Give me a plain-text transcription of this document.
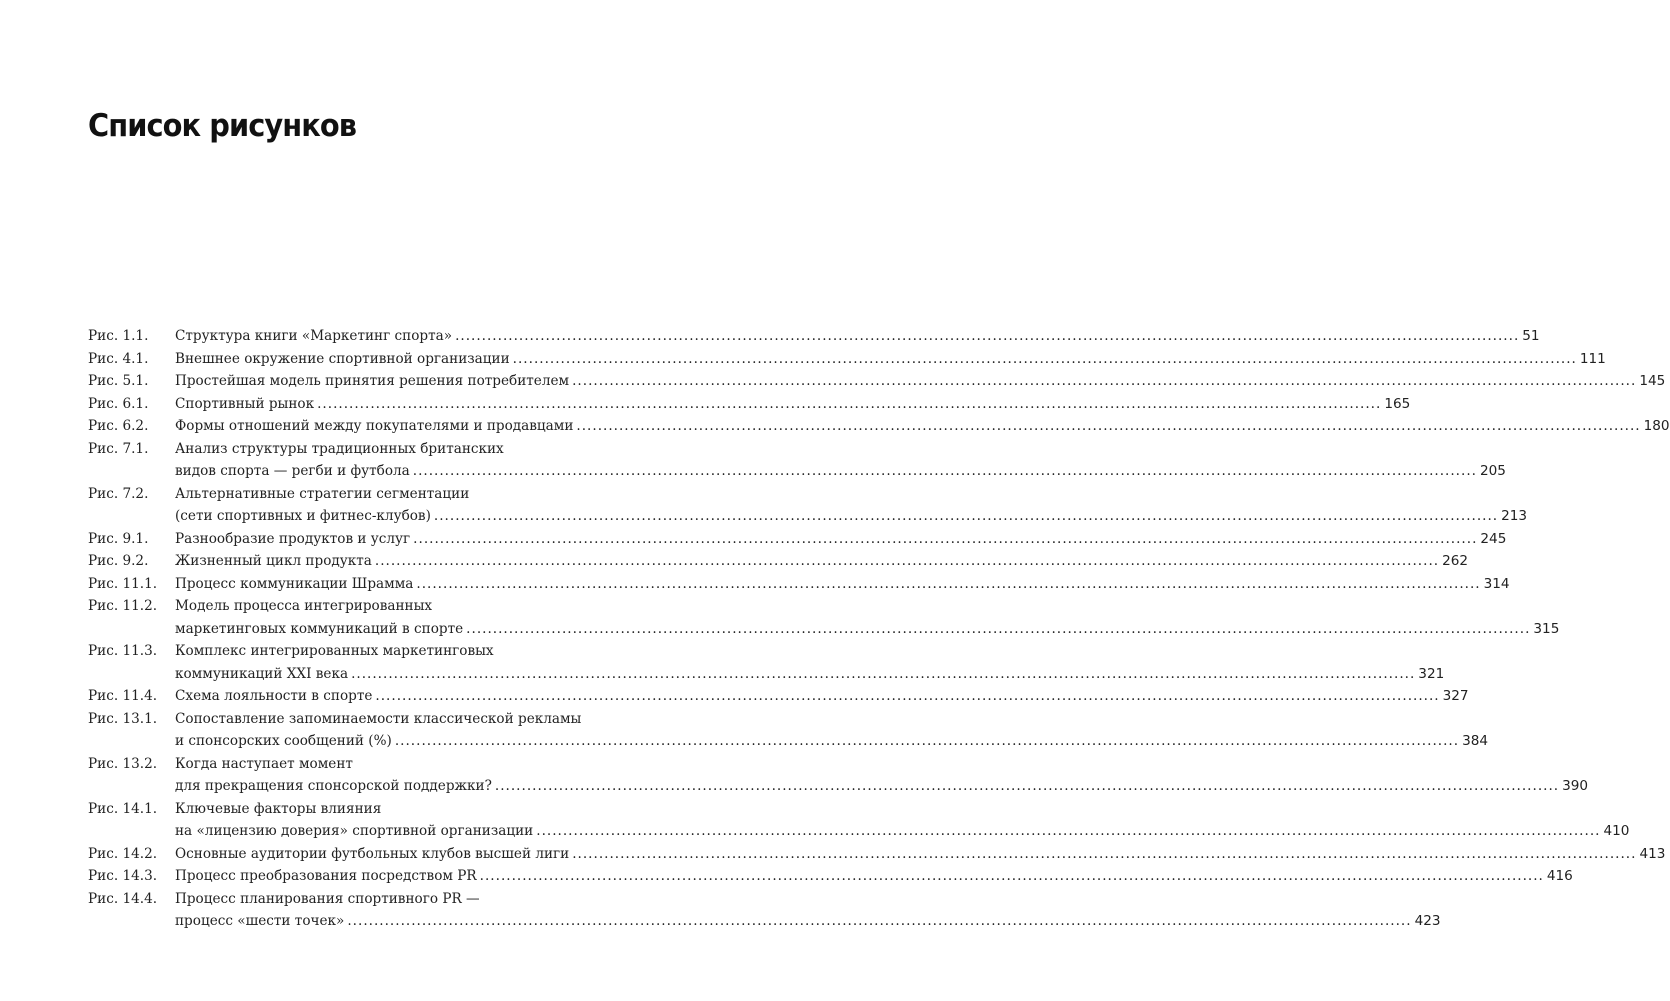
Список рисунков
Рис. 1.1.	Структура книги «Маркетинг спорта» ........................................................................................................................................................................................................ 51
Рис. 4.1.	Внешнее окружение спортивной организации ........................................................................................................................................................................................................ 111
Рис. 5.1.	Простейшая модель принятия решения потребителем ........................................................................................................................................................................................................ 145
Рис. 6.1.	Спортивный рынок ........................................................................................................................................................................................................ 165
Рис. 6.2.	Формы отношений между покупателями и продавцами ........................................................................................................................................................................................................ 180
Рис. 7.1.	Анализ структуры традиционных британских
видов спорта — регби и футбола ........................................................................................................................................................................................................ 205
Рис. 7.2.	Альтернативные стратегии сегментации
(сети спортивных и фитнес-клубов) ........................................................................................................................................................................................................ 213
Рис. 9.1.	Разнообразие продуктов и услуг ........................................................................................................................................................................................................ 245
Рис. 9.2.	Жизненный цикл продукта ........................................................................................................................................................................................................ 262
Рис. 11.1.	Процесс коммуникации Шрамма ........................................................................................................................................................................................................ 314
Рис. 11.2.	Модель процесса интегрированных
маркетинговых коммуникаций в спорте ........................................................................................................................................................................................................ 315
Рис. 11.3.	Комплекс интегрированных маркетинговых
коммуникаций XXI века ........................................................................................................................................................................................................ 321
Рис. 11.4.	Схема лояльности в спорте ........................................................................................................................................................................................................ 327
Рис. 13.1.	Сопоставление запоминаемости классической рекламы
и спонсорских сообщений (%) ........................................................................................................................................................................................................ 384
Рис. 13.2.	Когда наступает момент
для прекращения спонсорской поддержки? ........................................................................................................................................................................................................ 390
Рис. 14.1.	Ключевые факторы влияния
на «лицензию доверия» спортивной организации ........................................................................................................................................................................................................ 410
Рис. 14.2.	Основные аудитории футбольных клубов высшей лиги ........................................................................................................................................................................................................ 413
Рис. 14.3.	Процесс преобразования посредством PR ........................................................................................................................................................................................................ 416
Рис. 14.4.	Процесс планирования спортивного PR —
процесс «шести точек» ........................................................................................................................................................................................................ 423
